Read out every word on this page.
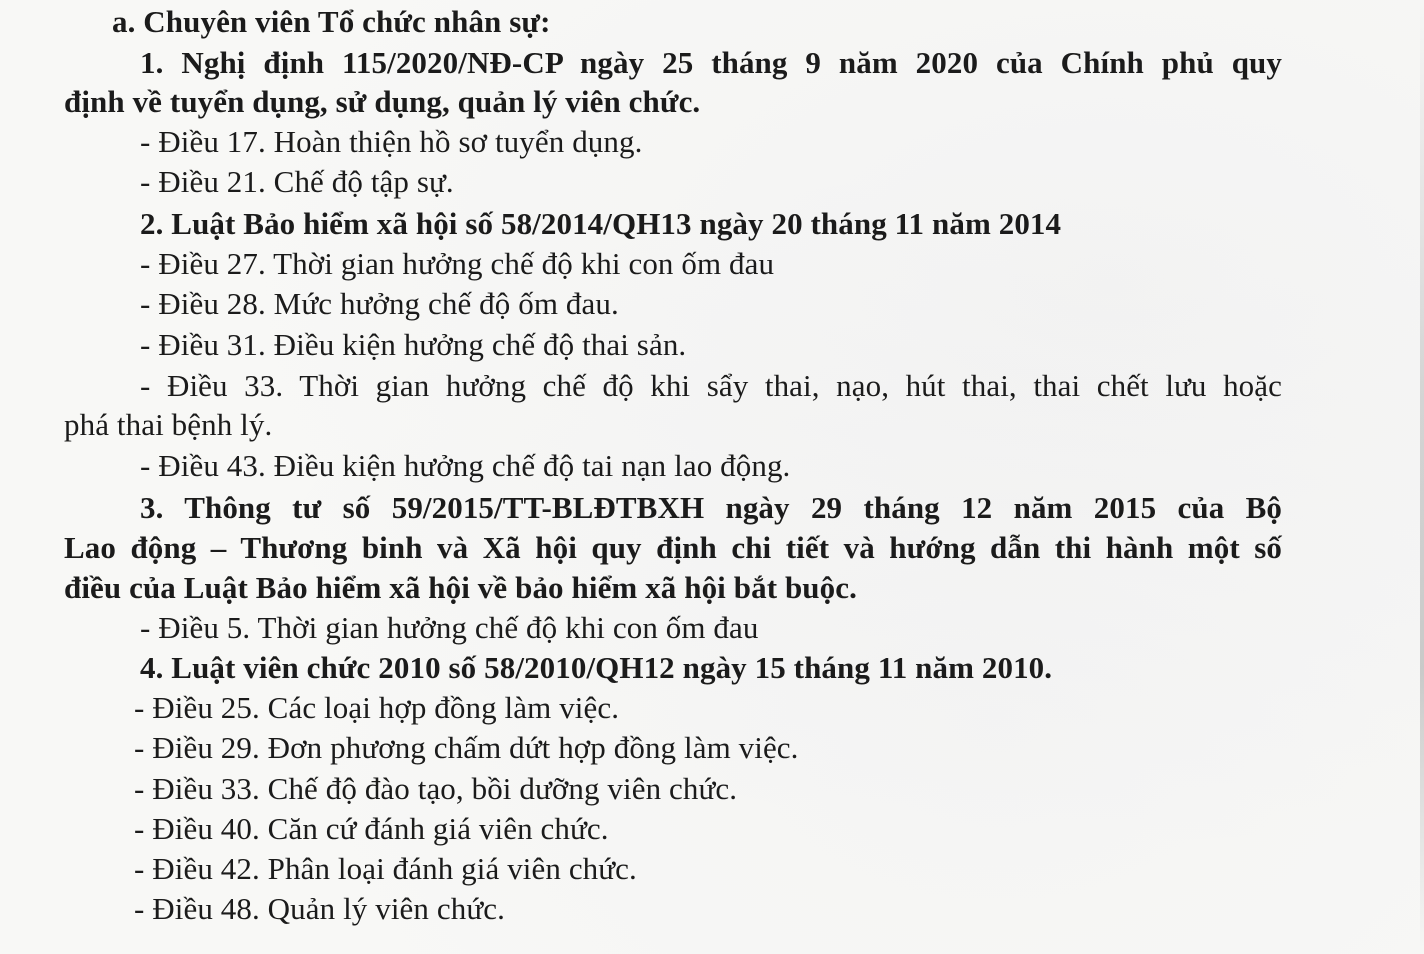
a. Chuyên viên Tổ chức nhân sự:
1. Nghị định 115/2020/NĐ-CP ngày 25 tháng 9 năm 2020 của Chính phủ quy
định về tuyển dụng, sử dụng, quản lý viên chức.
- Điều 17. Hoàn thiện hồ sơ tuyển dụng.
- Điều 21. Chế độ tập sự.
2. Luật Bảo hiểm xã hội số 58/2014/QH13 ngày 20 tháng 11 năm 2014
- Điều 27. Thời gian hưởng chế độ khi con ốm đau
- Điều 28. Mức hưởng chế độ ốm đau.
- Điều 31. Điều kiện hưởng chế độ thai sản.
- Điều 33. Thời gian hưởng chế độ khi sẩy thai, nạo, hút thai, thai chết lưu hoặc
phá thai bệnh lý.
- Điều 43. Điều kiện hưởng chế độ tai nạn lao động.
3. Thông tư số 59/2015/TT-BLĐTBXH ngày 29 tháng 12 năm 2015 của Bộ
Lao động – Thương binh và Xã hội quy định chi tiết và hướng dẫn thi hành một số
điều của Luật Bảo hiểm xã hội về bảo hiểm xã hội bắt buộc.
- Điều 5. Thời gian hưởng chế độ khi con ốm đau
4. Luật viên chức 2010 số 58/2010/QH12 ngày 15 tháng 11 năm 2010.
- Điều 25. Các loại hợp đồng làm việc.
- Điều 29. Đơn phương chấm dứt hợp đồng làm việc.
- Điều 33. Chế độ đào tạo, bồi dưỡng viên chức.
- Điều 40. Căn cứ đánh giá viên chức.
- Điều 42. Phân loại đánh giá viên chức.
- Điều 48. Quản lý viên chức.
